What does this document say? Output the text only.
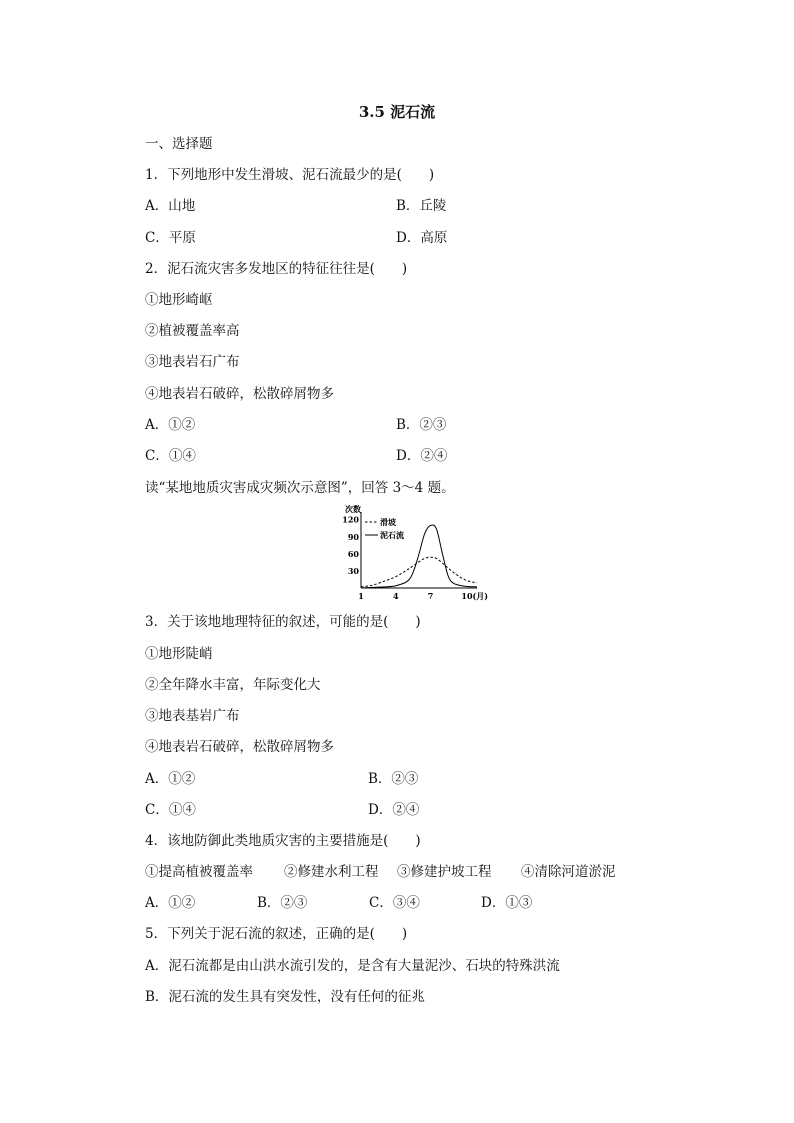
3.5 泥石流
一、选择题
1．下列地形中发生滑坡、泥石流最少的是(　　)
A．山地	B．丘陵
C．平原	D．高原
2．泥石流灾害多发地区的特征往往是(　　)
①地形崎岖
②植被覆盖率高
③地表岩石广布
④地表岩石破碎，松散碎屑物多
A．①②	B．②③
C．①④	D．②④
读“某地地质灾害成灾频次示意图”，回答 3～4 题。
次数
30
60
90
120
1	4	7	10(月)
滑坡
泥石流
3．关于该地地理特征的叙述，可能的是(　　)
①地形陡峭
②全年降水丰富，年际变化大
③地表基岩广布
④地表岩石破碎，松散碎屑物多
A．①②	B．②③
C．①④	D．②④
4．该地防御此类地质灾害的主要措施是(　　)
①提高植被覆盖率 ②修建水利工程 ③修建护坡工程 ④清除河道淤泥
A．①②	B．②③	C．③④	D．①③
5．下列关于泥石流的叙述，正确的是(　　)
A．泥石流都是由山洪水流引发的，是含有大量泥沙、石块的特殊洪流
B．泥石流的发生具有突发性，没有任何的征兆
